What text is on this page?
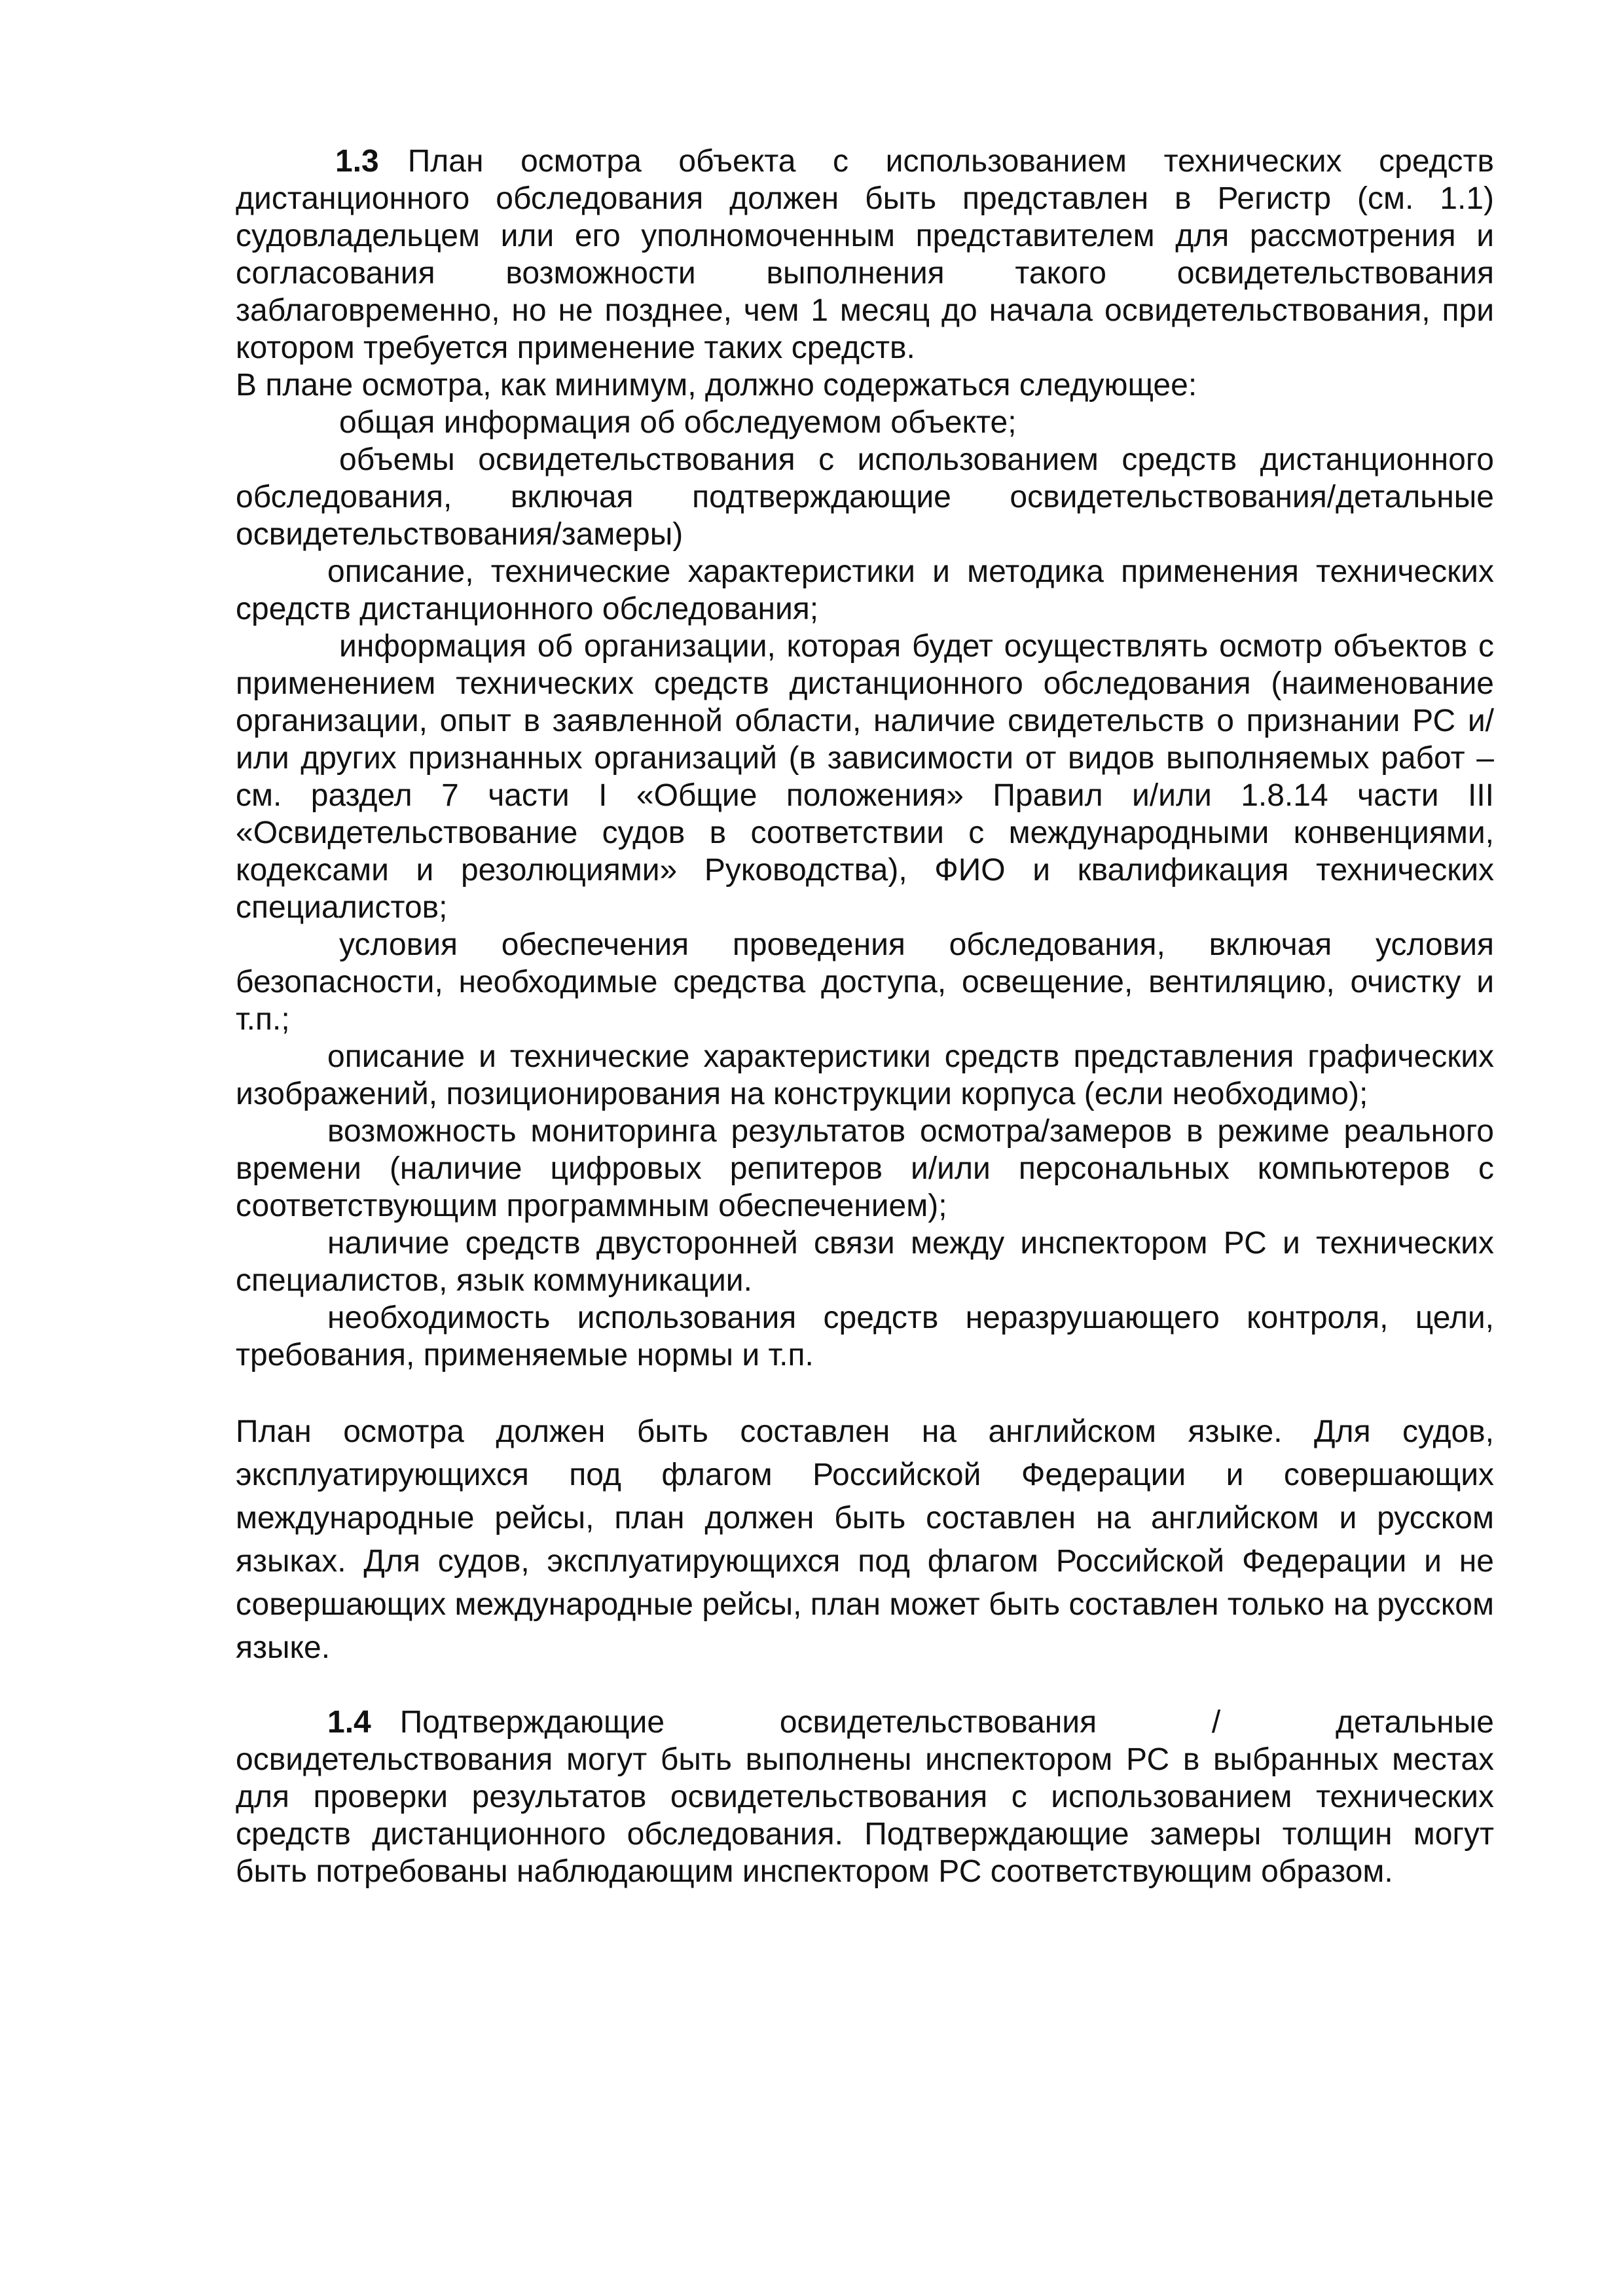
1.3 План осмотра объекта с использованием технических средств дистанционного обследования должен быть представлен в Регистр (см. 1.1) судовладельцем или его уполномоченным представителем для рассмотрения и согласования возможности выполнения такого освидетельствования заблаговременно, но не позднее, чем 1 месяц до начала освидетельствования, при котором требуется применение таких средств.

В плане осмотра, как минимум, должно содержаться следующее:

общая информация об обследуемом объекте;

объемы освидетельствования с использованием средств дистанционного обследования, включая подтверждающие освидетельствования/детальные освидетельствования/замеры)

описание, технические характеристики и методика применения технических средств дистанционного обследования;

информация об организации, которая будет осуществлять осмотр объектов с применением технических средств дистанционного обследования (наименование организации, опыт в заявленной области, наличие свидетельств о признании РС и/или других признанных организаций (в зависимости от видов выполняемых работ – см. раздел 7 части I «Общие положения» Правил и/или 1.8.14 части III «Освидетельствование судов в соответствии с международными конвенциями, кодексами и резолюциями» Руководства), ФИО и квалификация технических специалистов;

условия обеспечения проведения обследования, включая условия безопасности, необходимые средства доступа, освещение, вентиляцию, очистку и т.п.;

описание и технические характеристики средств представления графических изображений, позиционирования на конструкции корпуса (если необходимо);

возможность мониторинга результатов осмотра/замеров в режиме реального времени (наличие цифровых репитеров и/или персональных компьютеров с соответствующим программным обеспечением);

наличие средств двусторонней связи между инспектором РС и технических специалистов, язык коммуникации.

необходимость использования средств неразрушающего контроля, цели, требования, применяемые нормы и т.п.

План осмотра должен быть составлен на английском языке. Для судов, эксплуатирующихся под флагом Российской Федерации и совершающих международные рейсы, план должен быть составлен на английском и русском языках. Для судов, эксплуатирующихся под флагом Российской Федерации и не совершающих международные рейсы, план может быть составлен только на русском языке.

1.4 Подтверждающие освидетельствования / детальные освидетельствования могут быть выполнены инспектором РС в выбранных местах для проверки результатов освидетельствования с использованием технических средств дистанционного обследования. Подтверждающие замеры толщин могут быть потребованы наблюдающим инспектором РС соответствующим образом.
